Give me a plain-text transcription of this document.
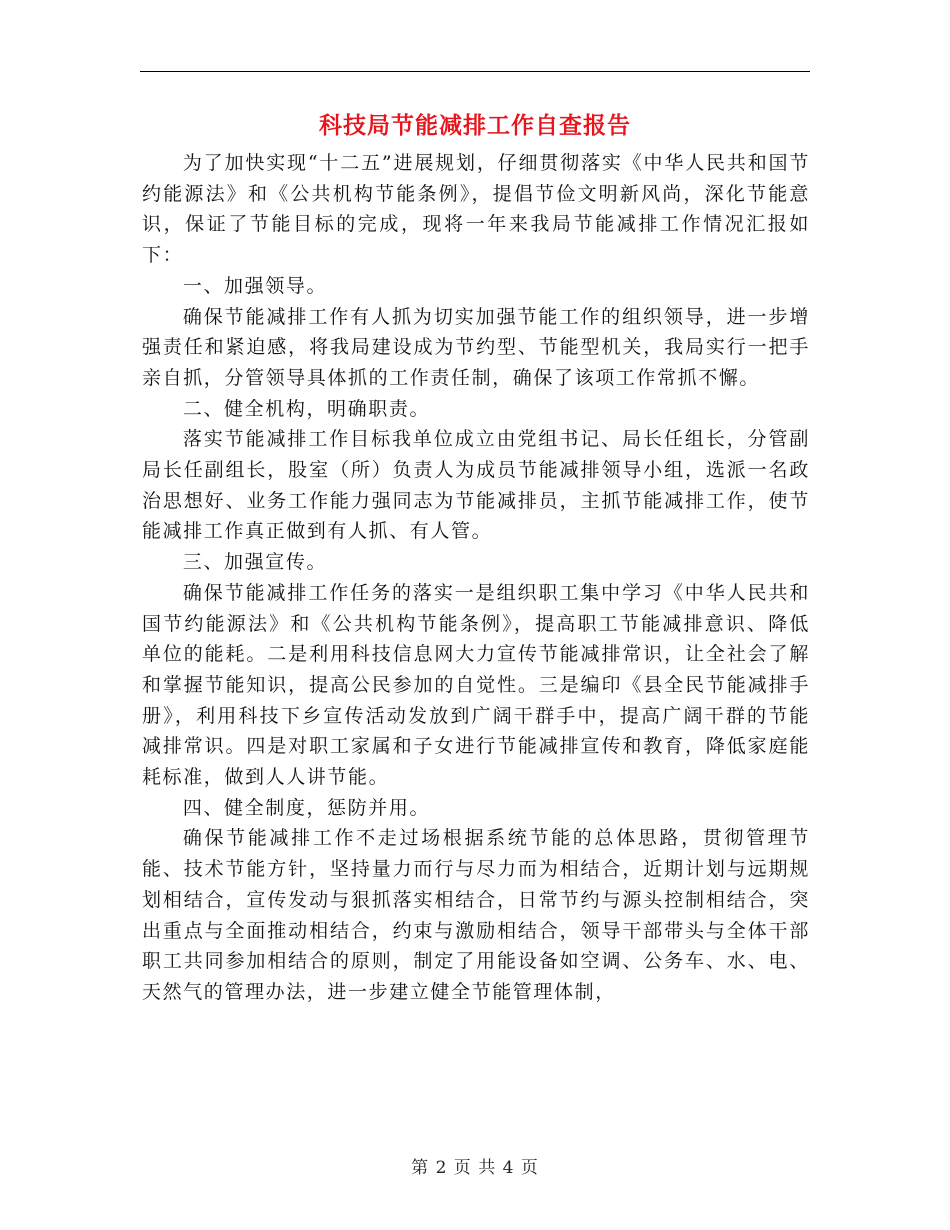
科技局节能减排工作自查报告

为了加快实现“十二五”进展规划，仔细贯彻落实《中华人民共和国节约能源法》和《公共机构节能条例》，提倡节俭文明新风尚，深化节能意识，保证了节能目标的完成，现将一年来我局节能减排工作情况汇报如下：

一、加强领导。

确保节能减排工作有人抓为切实加强节能工作的组织领导，进一步增强责任和紧迫感，将我局建设成为节约型、节能型机关，我局实行一把手亲自抓，分管领导具体抓的工作责任制，确保了该项工作常抓不懈。

二、健全机构，明确职责。

落实节能减排工作目标我单位成立由党组书记、局长任组长，分管副局长任副组长，股室（所）负责人为成员节能减排领导小组，选派一名政治思想好、业务工作能力强同志为节能减排员，主抓节能减排工作，使节能减排工作真正做到有人抓、有人管。

三、加强宣传。

确保节能减排工作任务的落实一是组织职工集中学习《中华人民共和国节约能源法》和《公共机构节能条例》，提高职工节能减排意识、降低单位的能耗。二是利用科技信息网大力宣传节能减排常识，让全社会了解和掌握节能知识，提高公民参加的自觉性。三是编印《县全民节能减排手册》，利用科技下乡宣传活动发放到广阔干群手中，提高广阔干群的节能减排常识。四是对职工家属和子女进行节能减排宣传和教育，降低家庭能耗标准，做到人人讲节能。

四、健全制度，惩防并用。

确保节能减排工作不走过场根据系统节能的总体思路，贯彻管理节能、技术节能方针，坚持量力而行与尽力而为相结合，近期计划与远期规划相结合，宣传发动与狠抓落实相结合，日常节约与源头控制相结合，突出重点与全面推动相结合，约束与激励相结合，领导干部带头与全体干部职工共同参加相结合的原则，制定了用能设备如空调、公务车、水、电、天然气的管理办法，进一步建立健全节能管理体制，

第 2 页 共 4 页
